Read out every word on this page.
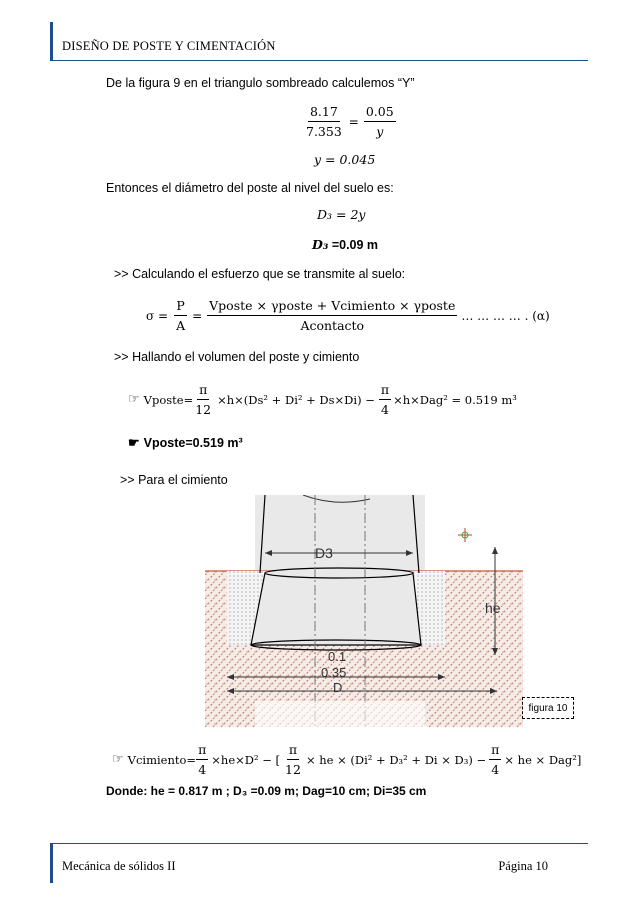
DISEÑO DE POSTE Y CIMENTACIÓN
De la figura 9 en el triangulo sombreado calculemos “Y”
$\frac{8.17}{7.353} = \frac{0.05}{y}$
y = 0.045
Entonces el diámetro del poste al nivel del suelo es:
D₃ = 2y
D₃ =0.09 m
>> Calculando el esfuerzo que se transmite al suelo:
$\sigma = \frac{P}{A} = \frac{\text{Vposte × γposte + Vcimiento × γposte}}{\text{Acontacto}}$ … … … … . (α)
>> Hallando el volumen del poste y cimiento
☞ Vposte= $\frac{\pi}{12} \times h\times(Ds^2 + Di^2 + Ds\times Di) - \frac{\pi}{4} \times h\times Dag^2 = 0.519$ m³
☛ Vposte=0.519 m³
>> Para el cimiento
D3
he
0.1
0.35
D
figura 10
☞ Vcimiento= $\frac{\pi}{4} \times he\times D^2$ − [ $\frac{\pi}{12}$ × he × $(Di^2 + D_3^2 + Di \times D_3) - \frac{\pi}{4}$ × he × Dag²]
Donde: he = 0.817 m ; D₃ =0.09 m; Dag=10 cm; Di=35 cm
Mecánica de sólidos II	Página 10
